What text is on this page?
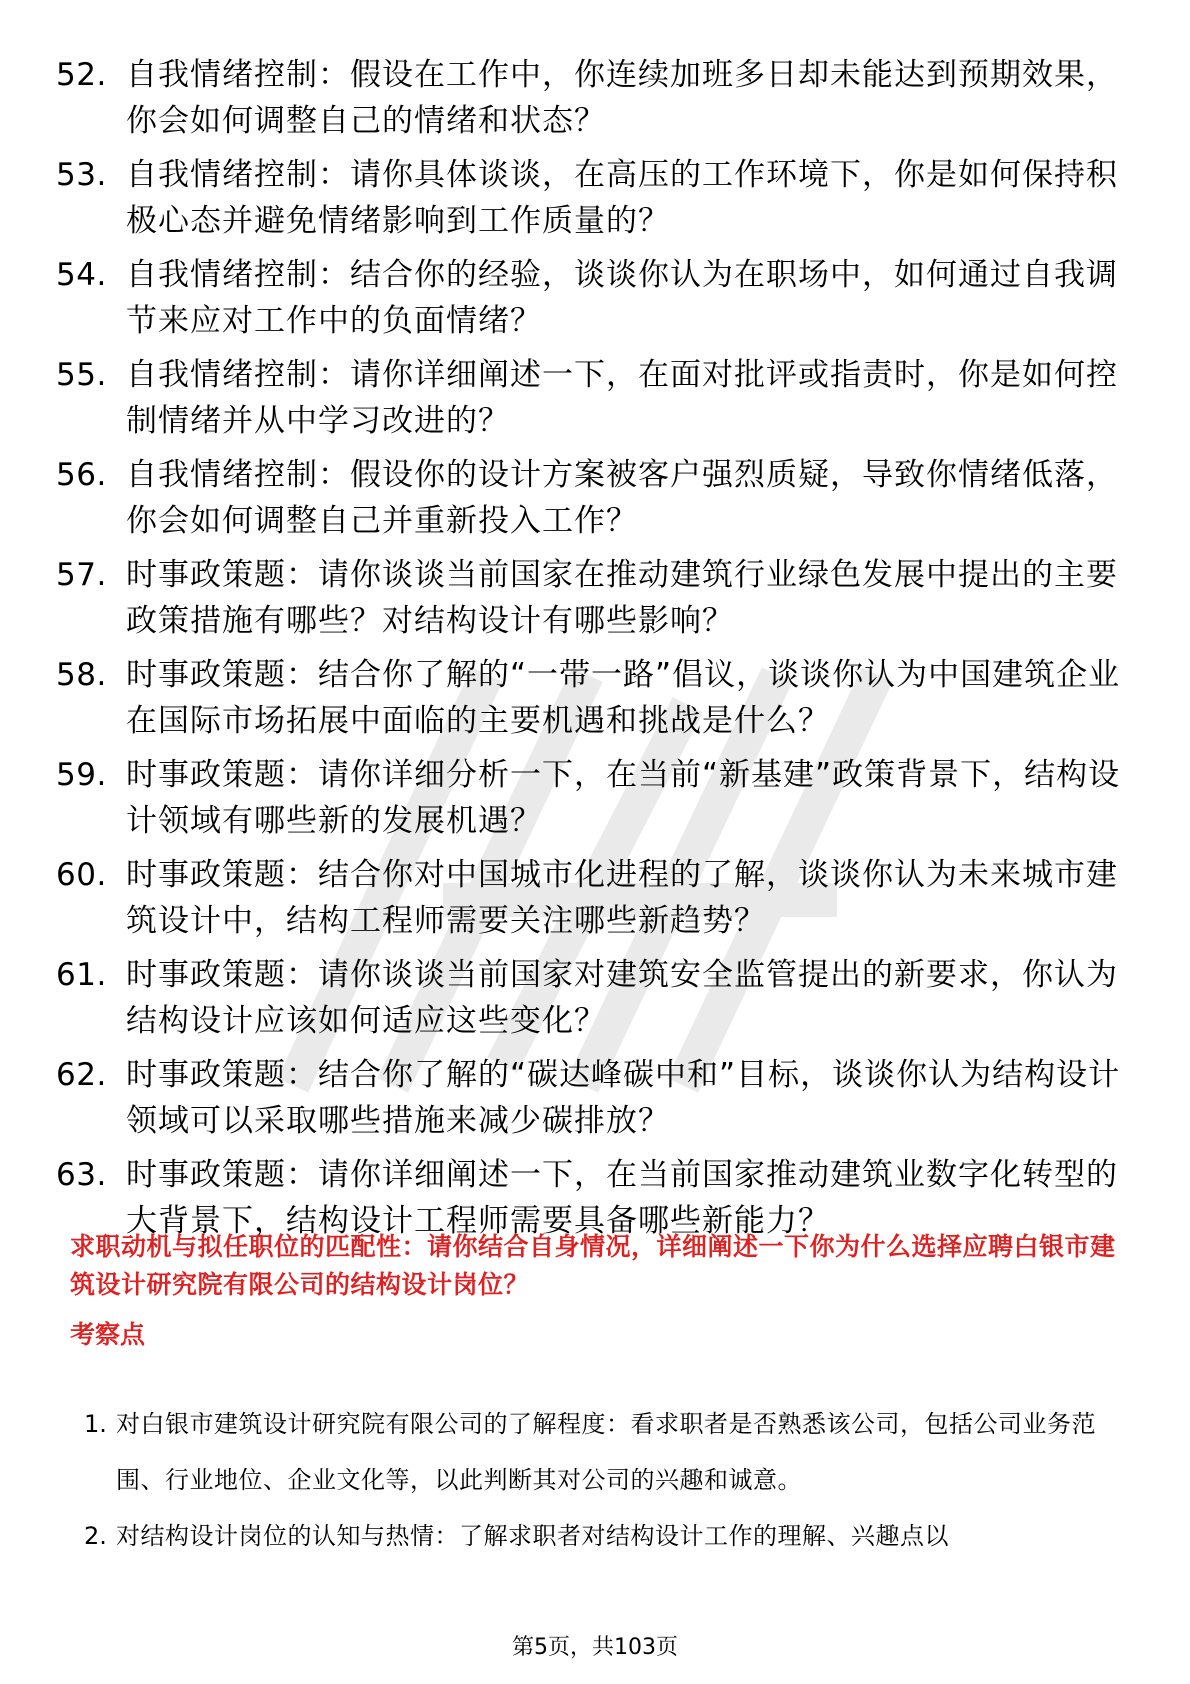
52. 自我情绪控制：假设在工作中，你连续加班多日却未能达到预期效果，你会如何调整自己的情绪和状态？
53. 自我情绪控制：请你具体谈谈，在高压的工作环境下，你是如何保持积极心态并避免情绪影响到工作质量的？
54. 自我情绪控制：结合你的经验，谈谈你认为在职场中，如何通过自我调节来应对工作中的负面情绪？
55. 自我情绪控制：请你详细阐述一下，在面对批评或指责时，你是如何控制情绪并从中学习改进的？
56. 自我情绪控制：假设你的设计方案被客户强烈质疑，导致你情绪低落，你会如何调整自己并重新投入工作？
57. 时事政策题：请你谈谈当前国家在推动建筑行业绿色发展中提出的主要政策措施有哪些？对结构设计有哪些影响？
58. 时事政策题：结合你了解的“一带一路”倡议，谈谈你认为中国建筑企业在国际市场拓展中面临的主要机遇和挑战是什么？
59. 时事政策题：请你详细分析一下，在当前“新基建”政策背景下，结构设计领域有哪些新的发展机遇？
60. 时事政策题：结合你对中国城市化进程的了解，谈谈你认为未来城市建筑设计中，结构工程师需要关注哪些新趋势？
61. 时事政策题：请你谈谈当前国家对建筑安全监管提出的新要求，你认为结构设计应该如何适应这些变化？
62. 时事政策题：结合你了解的“碳达峰碳中和”目标，谈谈你认为结构设计领域可以采取哪些措施来减少碳排放？
63. 时事政策题：请你详细阐述一下，在当前国家推动建筑业数字化转型的大背景下，结构设计工程师需要具备哪些新能力？
求职动机与拟任职位的匹配性：请你结合自身情况，详细阐述一下你为什么选择应聘白银市建筑设计研究院有限公司的结构设计岗位？
考察点
1. 对白银市建筑设计研究院有限公司的了解程度：看求职者是否熟悉该公司，包括公司业务范围、行业地位、企业文化等，以此判断其对公司的兴趣和诚意。
2. 对结构设计岗位的认知与热情：了解求职者对结构设计工作的理解、兴趣点以
第5页，共103页
